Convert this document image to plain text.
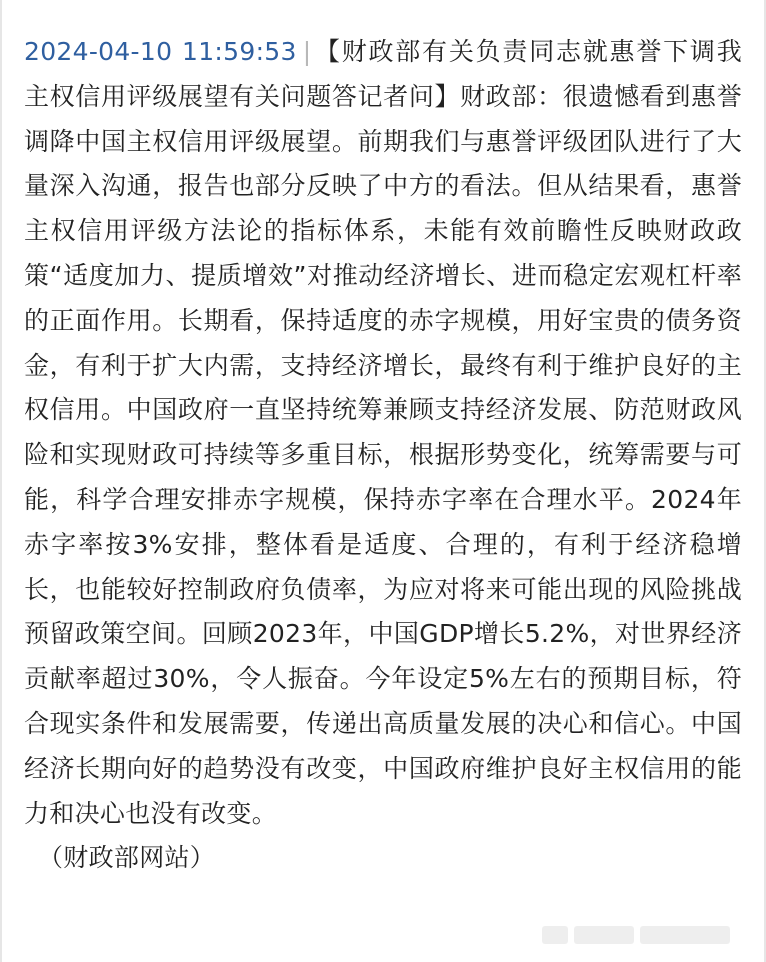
2024-04-10 11:59:53 |【财政部有关负责同志就惠誉下调我主权信用评级展望有关问题答记者问】财政部：很遗憾看到惠誉调降中国主权信用评级展望。前期我们与惠誉评级团队进行了大量深入沟通，报告也部分反映了中方的看法。但从结果看，惠誉主权信用评级方法论的指标体系，未能有效前瞻性反映财政政策“适度加力、提质增效”对推动经济增长、进而稳定宏观杠杆率的正面作用。长期看，保持适度的赤字规模，用好宝贵的债务资金，有利于扩大内需，支持经济增长，最终有利于维护良好的主权信用。中国政府一直坚持统筹兼顾支持经济发展、防范财政风险和实现财政可持续等多重目标，根据形势变化，统筹需要与可能，科学合理安排赤字规模，保持赤字率在合理水平。2024年赤字率按3%安排，整体看是适度、合理的，有利于经济稳增长，也能较好控制政府负债率，为应对将来可能出现的风险挑战预留政策空间。回顾2023年，中国GDP增长5.2%，对世界经济贡献率超过30%，令人振奋。今年设定5%左右的预期目标，符合现实条件和发展需要，传递出高质量发展的决心和信心。中国经济长期向好的趋势没有改变，中国政府维护良好主权信用的能力和决心也没有改变。
（财政部网站）
